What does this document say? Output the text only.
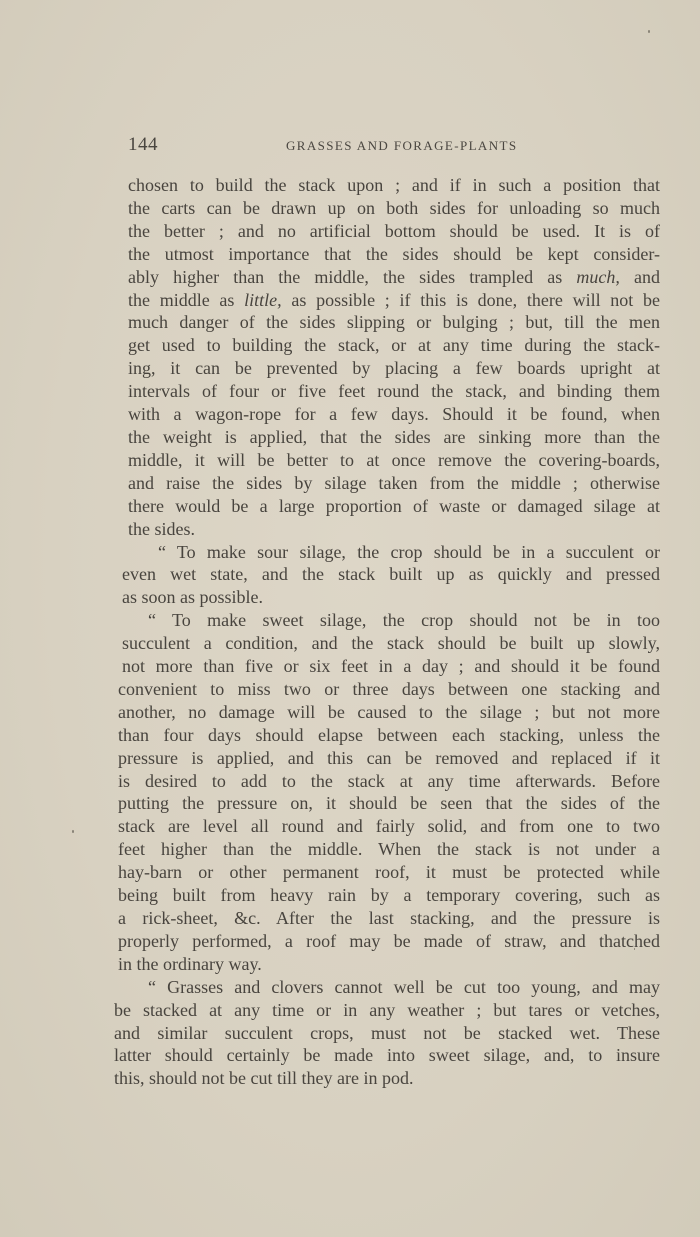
144	GRASSES AND FORAGE-PLANTS
chosen to build the stack upon ; and if in such a position that
the carts can be drawn up on both sides for unloading so much
the better ; and no artificial bottom should be used. It is of
the utmost importance that the sides should be kept consider-
ably higher than the middle, the sides trampled as much, and
the middle as little, as possible ; if this is done, there will not be
much danger of the sides slipping or bulging ; but, till the men
get used to building the stack, or at any time during the stack-
ing, it can be prevented by placing a few boards upright at
intervals of four or five feet round the stack, and binding them
with a wagon-rope for a few days. Should it be found, when
the weight is applied, that the sides are sinking more than the
middle, it will be better to at once remove the covering-boards,
and raise the sides by silage taken from the middle ; otherwise
there would be a large proportion of waste or damaged silage at
the sides.
“ To make sour silage, the crop should be in a succulent or
even wet state, and the stack built up as quickly and pressed
as soon as possible.
“ To make sweet silage, the crop should not be in too
succulent a condition, and the stack should be built up slowly,
not more than five or six feet in a day ; and should it be found
convenient to miss two or three days between one stacking and
another, no damage will be caused to the silage ; but not more
than four days should elapse between each stacking, unless the
pressure is applied, and this can be removed and replaced if it
is desired to add to the stack at any time afterwards. Before
putting the pressure on, it should be seen that the sides of the
stack are level all round and fairly solid, and from one to two
feet higher than the middle. When the stack is not under a
hay-barn or other permanent roof, it must be protected while
being built from heavy rain by a temporary covering, such as
a rick-sheet, &c. After the last stacking, and the pressure is
properly performed, a roof may be made of straw, and thatched
in the ordinary way.
“ Grasses and clovers cannot well be cut too young, and may
be stacked at any time or in any weather ; but tares or vetches,
and similar succulent crops, must not be stacked wet. These
latter should certainly be made into sweet silage, and, to insure
this, should not be cut till they are in pod.
